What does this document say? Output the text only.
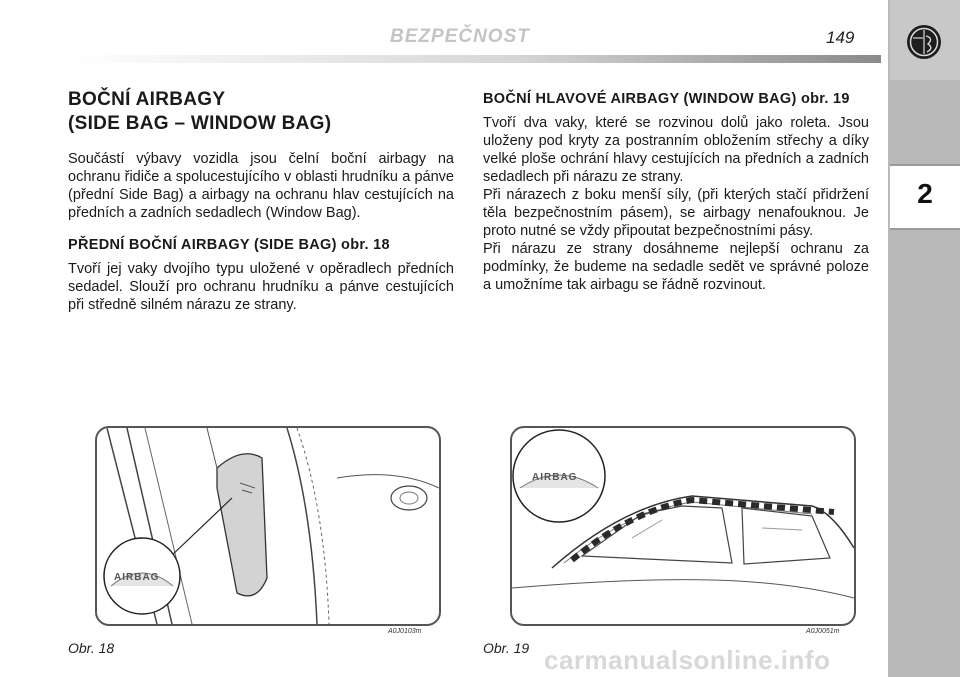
2
BEZPEČNOST	149
BOČNÍ AIRBAGY
(SIDE BAG – WINDOW BAG)

Součástí výbavy vozidla jsou čelní boční airbagy na ochranu řidiče a spolucestujícího v oblasti hrudníku a pánve (přední Side Bag) a airbagy na ochranu hlav cestujících na předních a zadních sedadlech (Window Bag).

PŘEDNÍ BOČNÍ AIRBAGY (SIDE BAG) obr. 18

Tvoří jej vaky dvojího typu uložené v opěradlech předních sedadel. Slouží pro ochranu hrudníku a pánve cestujících při středně silném nárazu ze strany.

BOČNÍ HLAVOVÉ AIRBAGY (WINDOW BAG) obr. 19

Tvoří dva vaky, které se rozvinou dolů jako roleta. Jsou uloženy pod kryty za postranním obložením střechy a díky velké ploše ochrání hlavy cestujících na předních a zadních sedadlech při nárazu ze strany.

Při nárazech z boku menší síly, (při kterých stačí přidržení těla bezpečnostním pásem), se airbagy nenafouknou. Je proto nutné se vždy připoutat bezpečnostními pásy.

Při nárazu ze strany dosáhneme nejlepší ochranu za podmínky, že budeme na sedadle sedět ve správné poloze a umožníme tak airbagu se řádně rozvinout.

AIRBAG
AIRBAG
Obr. 18
A0J0103m
Obr. 19
A0J0051m
carmanualsonline.info
